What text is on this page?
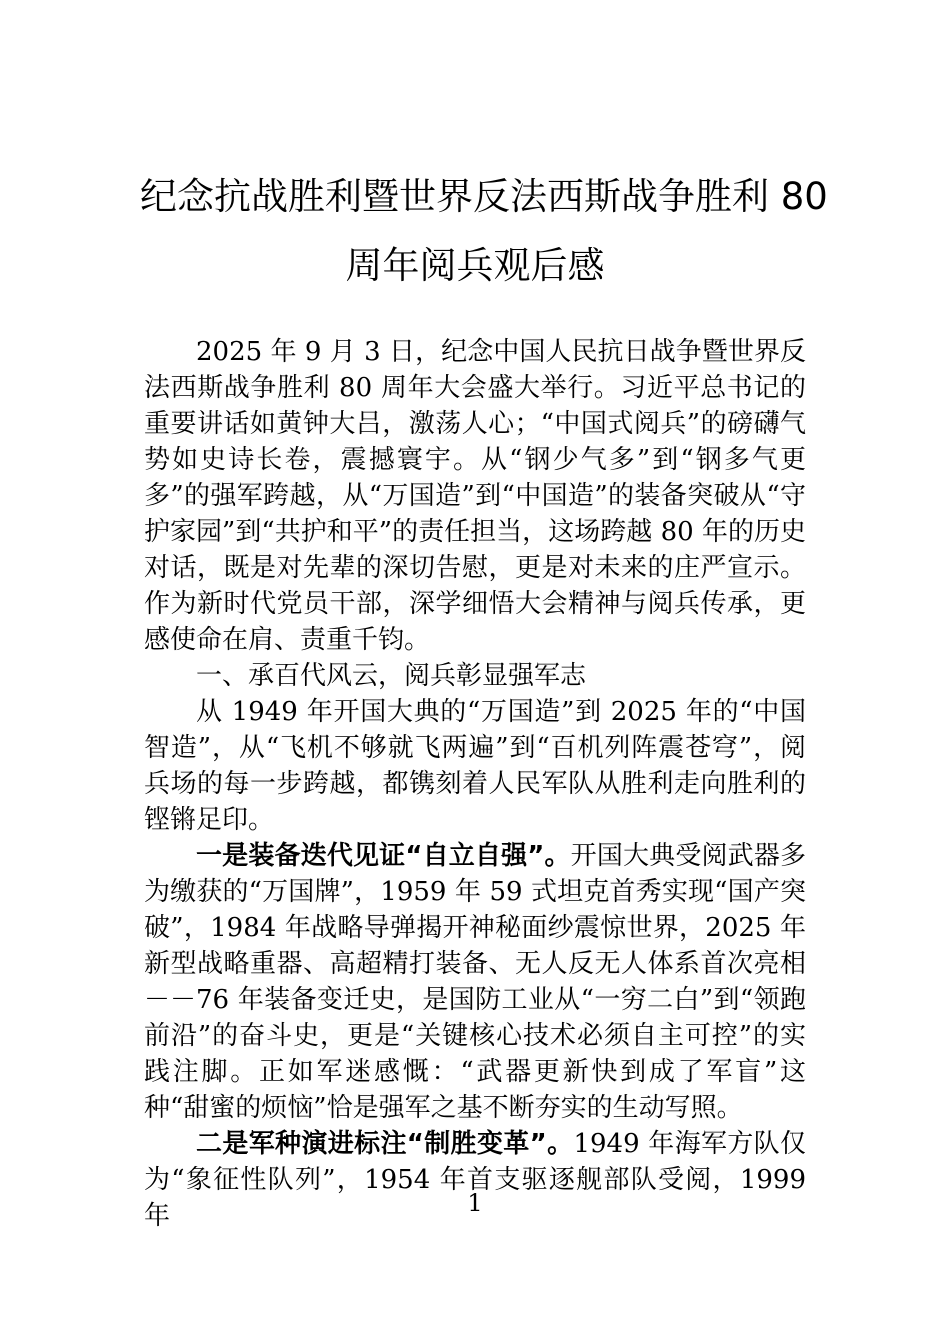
纪念抗战胜利暨世界反法西斯战争胜利 80
周年阅兵观后感

2025 年 9 月 3 日，纪念中国人民抗日战争暨世界反法西斯战争胜利 80 周年大会盛大举行。习近平总书记的重要讲话如黄钟大吕，激荡人心；“中国式阅兵”的磅礴气势如史诗长卷，震撼寰宇。从“钢少气多”到“钢多气更多”的强军跨越，从“万国造”到“中国造”的装备突破从“守护家园”到“共护和平”的责任担当，这场跨越 80 年的历史对话，既是对先辈的深切告慰，更是对未来的庄严宣示。作为新时代党员干部，深学细悟大会精神与阅兵传承，更感使命在肩、责重千钧。

一、承百代风云，阅兵彰显强军志

从 1949 年开国大典的“万国造”到 2025 年的“中国智造”，从“飞机不够就飞两遍”到“百机列阵震苍穹”，阅兵场的每一步跨越，都镌刻着人民军队从胜利走向胜利的铿锵足印。

一是装备迭代见证“自立自强”。开国大典受阅武器多为缴获的“万国牌”，1959 年 59 式坦克首秀实现“国产突破”，1984 年战略导弹揭开神秘面纱震惊世界，2025 年新型战略重器、高超精打装备、无人反无人体系首次亮相－－76 年装备变迁史，是国防工业从“一穷二白”到“领跑前沿”的奋斗史，更是“关键核心技术必须自主可控”的实践注脚。正如军迷感慨：“武器更新快到成了军盲”这种“甜蜜的烦恼”恰是强军之基不断夯实的生动写照。

二是军种演进标注“制胜变革”。1949 年海军方队仅为“象征性队列”，1954 年首支驱逐舰部队受阅，1999 年	1
